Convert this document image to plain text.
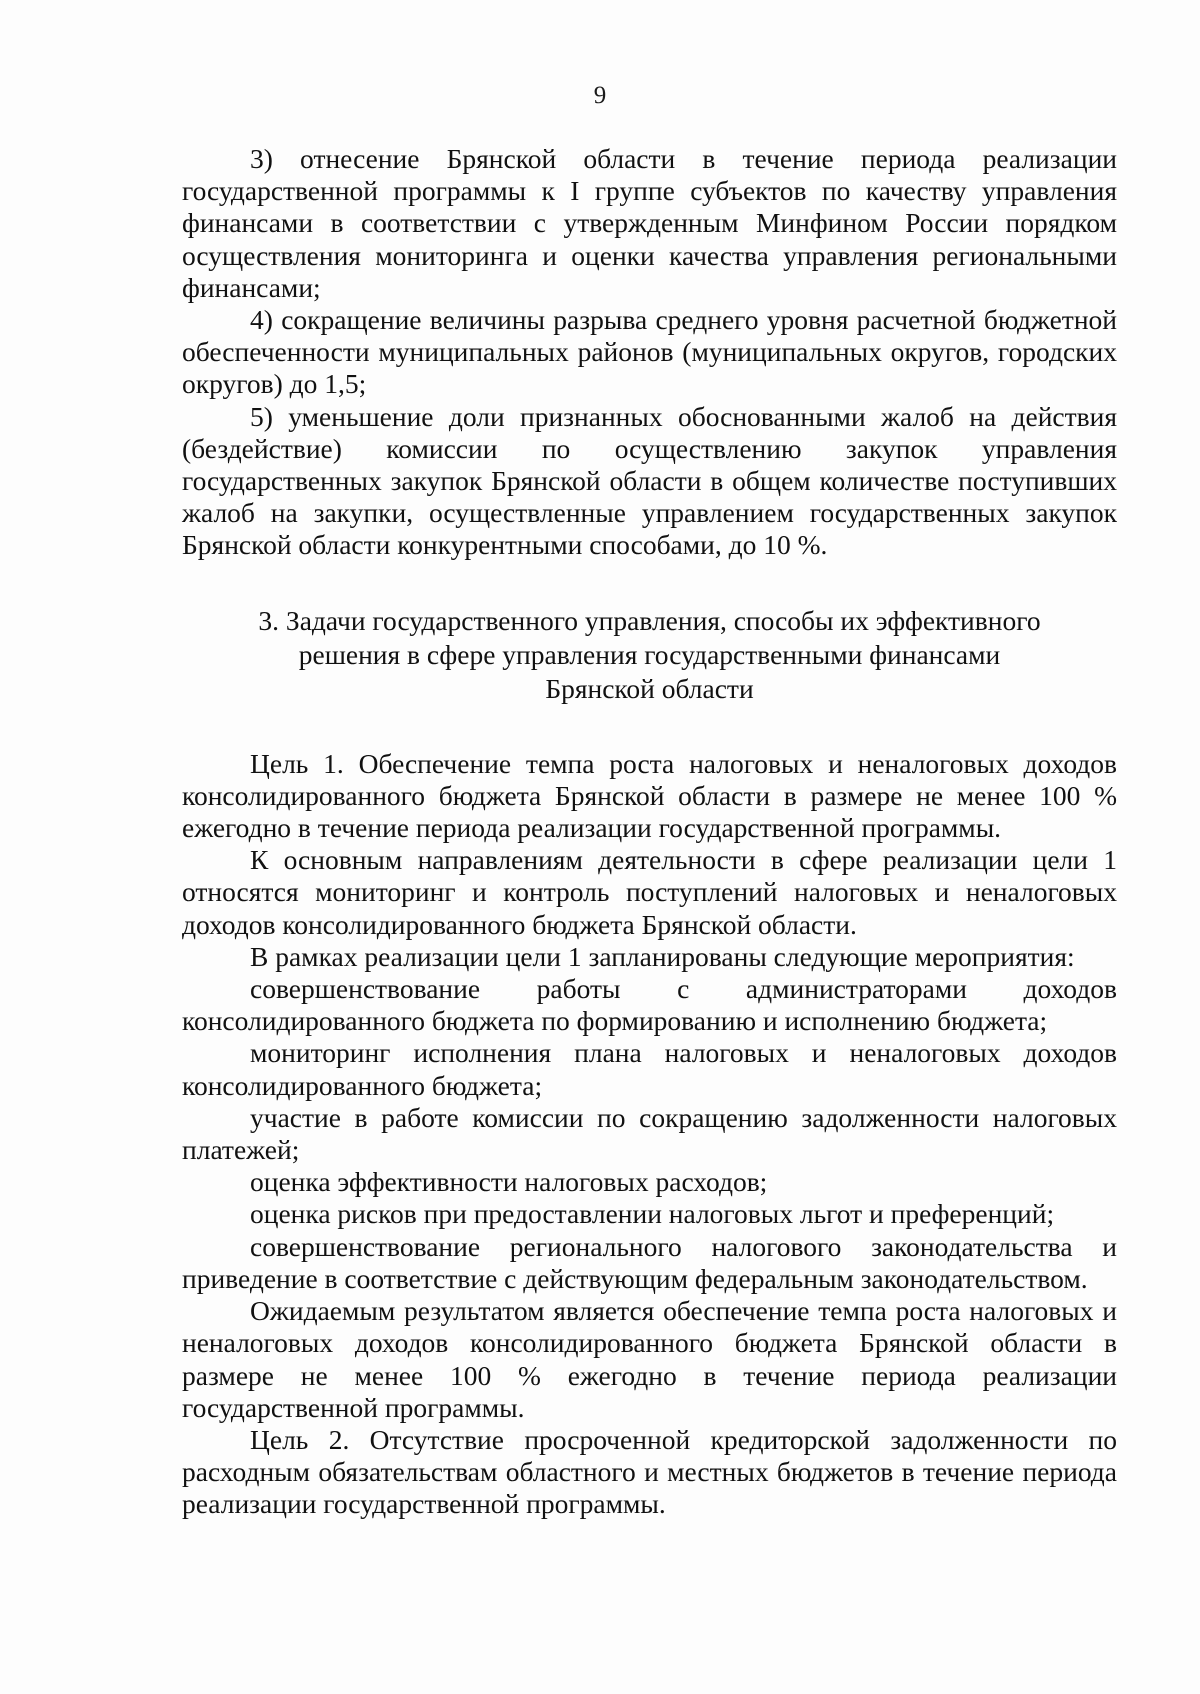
9

3) отнесение Брянской области в течение периода реализации государственной программы к I группе субъектов по качеству управления финансами в соответствии с утвержденным Минфином России порядком осуществления мониторинга и оценки качества управления региональными финансами;

4) сокращение величины разрыва среднего уровня расчетной бюджетной обеспеченности муниципальных районов (муниципальных округов, городских округов) до 1,5;

5) уменьшение доли признанных обоснованными жалоб на действия (бездействие) комиссии по осуществлению закупок управления государственных закупок Брянской области в общем количестве поступивших жалоб на закупки, осуществленные управлением государственных закупок Брянской области конкурентными способами, до 10 %.

3. Задачи государственного управления, способы их эффективного
решения в сфере управления государственными финансами
Брянской области

Цель 1. Обеспечение темпа роста налоговых и неналоговых доходов консолидированного бюджета Брянской области в размере не менее 100 % ежегодно в течение периода реализации государственной программы.

К основным направлениям деятельности в сфере реализации цели 1 относятся мониторинг и контроль поступлений налоговых и неналоговых доходов консолидированного бюджета Брянской области.

В рамках реализации цели 1 запланированы следующие мероприятия:

совершенствование работы с администраторами доходов консолидированного бюджета по формированию и исполнению бюджета;

мониторинг исполнения плана налоговых и неналоговых доходов консолидированного бюджета;

участие в работе комиссии по сокращению задолженности налоговых платежей;

оценка эффективности налоговых расходов;

оценка рисков при предоставлении налоговых льгот и преференций;

совершенствование регионального налогового законодательства и приведение в соответствие с действующим федеральным законодательством.

Ожидаемым результатом является обеспечение темпа роста налоговых и неналоговых доходов консолидированного бюджета Брянской области в размере не менее 100 % ежегодно в течение периода реализации государственной программы.

Цель 2. Отсутствие просроченной кредиторской задолженности по расходным обязательствам областного и местных бюджетов в течение периода реализации государственной программы.
